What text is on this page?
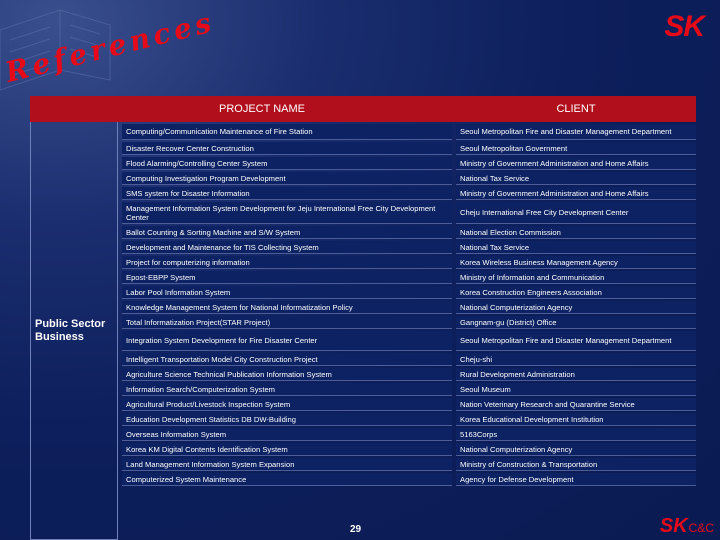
References	SK
PROJECT NAME	CLIENT
Public Sector Business
Computing/Communication Maintenance of Fire Station	Seoul Metropolitan Fire and Disaster Management Department
Disaster Recover Center Construction	Seoul Metropolitan Government
Flood Alarming/Controlling Center System	Ministry of Government Administration and Home Affairs
Computing Investigation Program Development	National Tax Service
SMS system for Disaster Information	Ministry of Government Administration and Home Affairs
Management Information System Development for Jeju International Free City Development Center	Cheju International Free City Development Center
Ballot Counting & Sorting Machine and S/W System	National Election Commission
Development and Maintenance for TIS Collecting System	National Tax Service
Project for computerizing information	Korea Wireless Business Management Agency
Epost-EBPP System	Ministry of Information and Communication
Labor Pool Information System	Korea Construction Engineers Association
Knowledge Management System for National Informatization Policy	National Computerization Agency
Total Informatization Project(STAR Project)	Gangnam-gu (District) Office
Integration System Development for Fire Disaster Center	Seoul Metropolitan Fire and Disaster Management Department
Intelligent Transportation Model City Construction Project	Cheju-shi
Agriculture Science Technical Publication Information System	Rural Development Administration
Information Search/Computerization System	Seoul Museum
Agricultural Product/Livestock Inspection System	Nation Veterinary Research and Quarantine Service
Education Development Statistics DB DW-Building	Korea Educational Development Institution
Overseas Information System	5163Corps
Korea KM Digital Contents Identification System	National Computerization Agency
Land Management Information System Expansion	Ministry of Construction & Transportation
Computerized System Maintenance	Agency for Defense Development
29	SK C&C
